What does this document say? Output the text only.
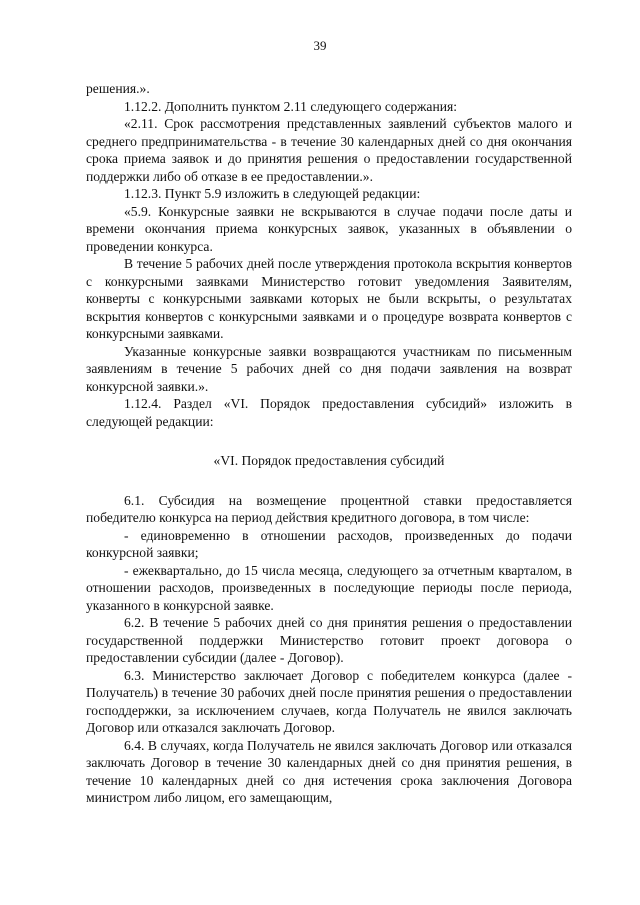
39

решения.».

1.12.2. Дополнить пунктом 2.11 следующего содержания:

«2.11. Срок рассмотрения представленных заявлений субъектов малого и среднего предпринимательства - в течение 30 календарных дней со дня окончания срока приема заявок и до принятия решения о предоставлении государственной поддержки либо об отказе в ее предоставлении.».

1.12.3. Пункт 5.9 изложить в следующей редакции:

«5.9. Конкурсные заявки не вскрываются в случае подачи после даты и времени окончания приема конкурсных заявок, указанных в объявлении о проведении конкурса.

В течение 5 рабочих дней после утверждения протокола вскрытия конвертов с конкурсными заявками Министерство готовит уведомления Заявителям, конверты с конкурсными заявками которых не были вскрыты, о результатах вскрытия конвертов с конкурсными заявками и о процедуре возврата конвертов с конкурсными заявками.

Указанные конкурсные заявки возвращаются участникам по письменным заявлениям в течение 5 рабочих дней со дня подачи заявления на возврат конкурсной заявки.».

1.12.4. Раздел «VI. Порядок предоставления субсидий» изложить в следующей редакции:

«VI. Порядок предоставления субсидий

6.1. Субсидия на возмещение процентной ставки предоставляется победителю конкурса на период действия кредитного договора, в том числе:

- единовременно в отношении расходов, произведенных до подачи конкурсной заявки;

- ежеквартально, до 15 числа месяца, следующего за отчетным кварталом, в отношении расходов, произведенных в последующие периоды после периода, указанного в конкурсной заявке.

6.2. В течение 5 рабочих дней со дня принятия решения о предоставлении государственной поддержки Министерство готовит проект договора о предоставлении субсидии (далее - Договор).

6.3. Министерство заключает Договор с победителем конкурса (далее - Получатель) в течение 30 рабочих дней после принятия решения о предоставлении господдержки, за исключением случаев, когда Получатель не явился заключать Договор или отказался заключать Договор.

6.4. В случаях, когда Получатель не явился заключать Договор или отказался заключать Договор в течение 30 календарных дней со дня принятия решения, в течение 10 календарных дней со дня истечения срока заключения Договора министром либо лицом, его замещающим,
